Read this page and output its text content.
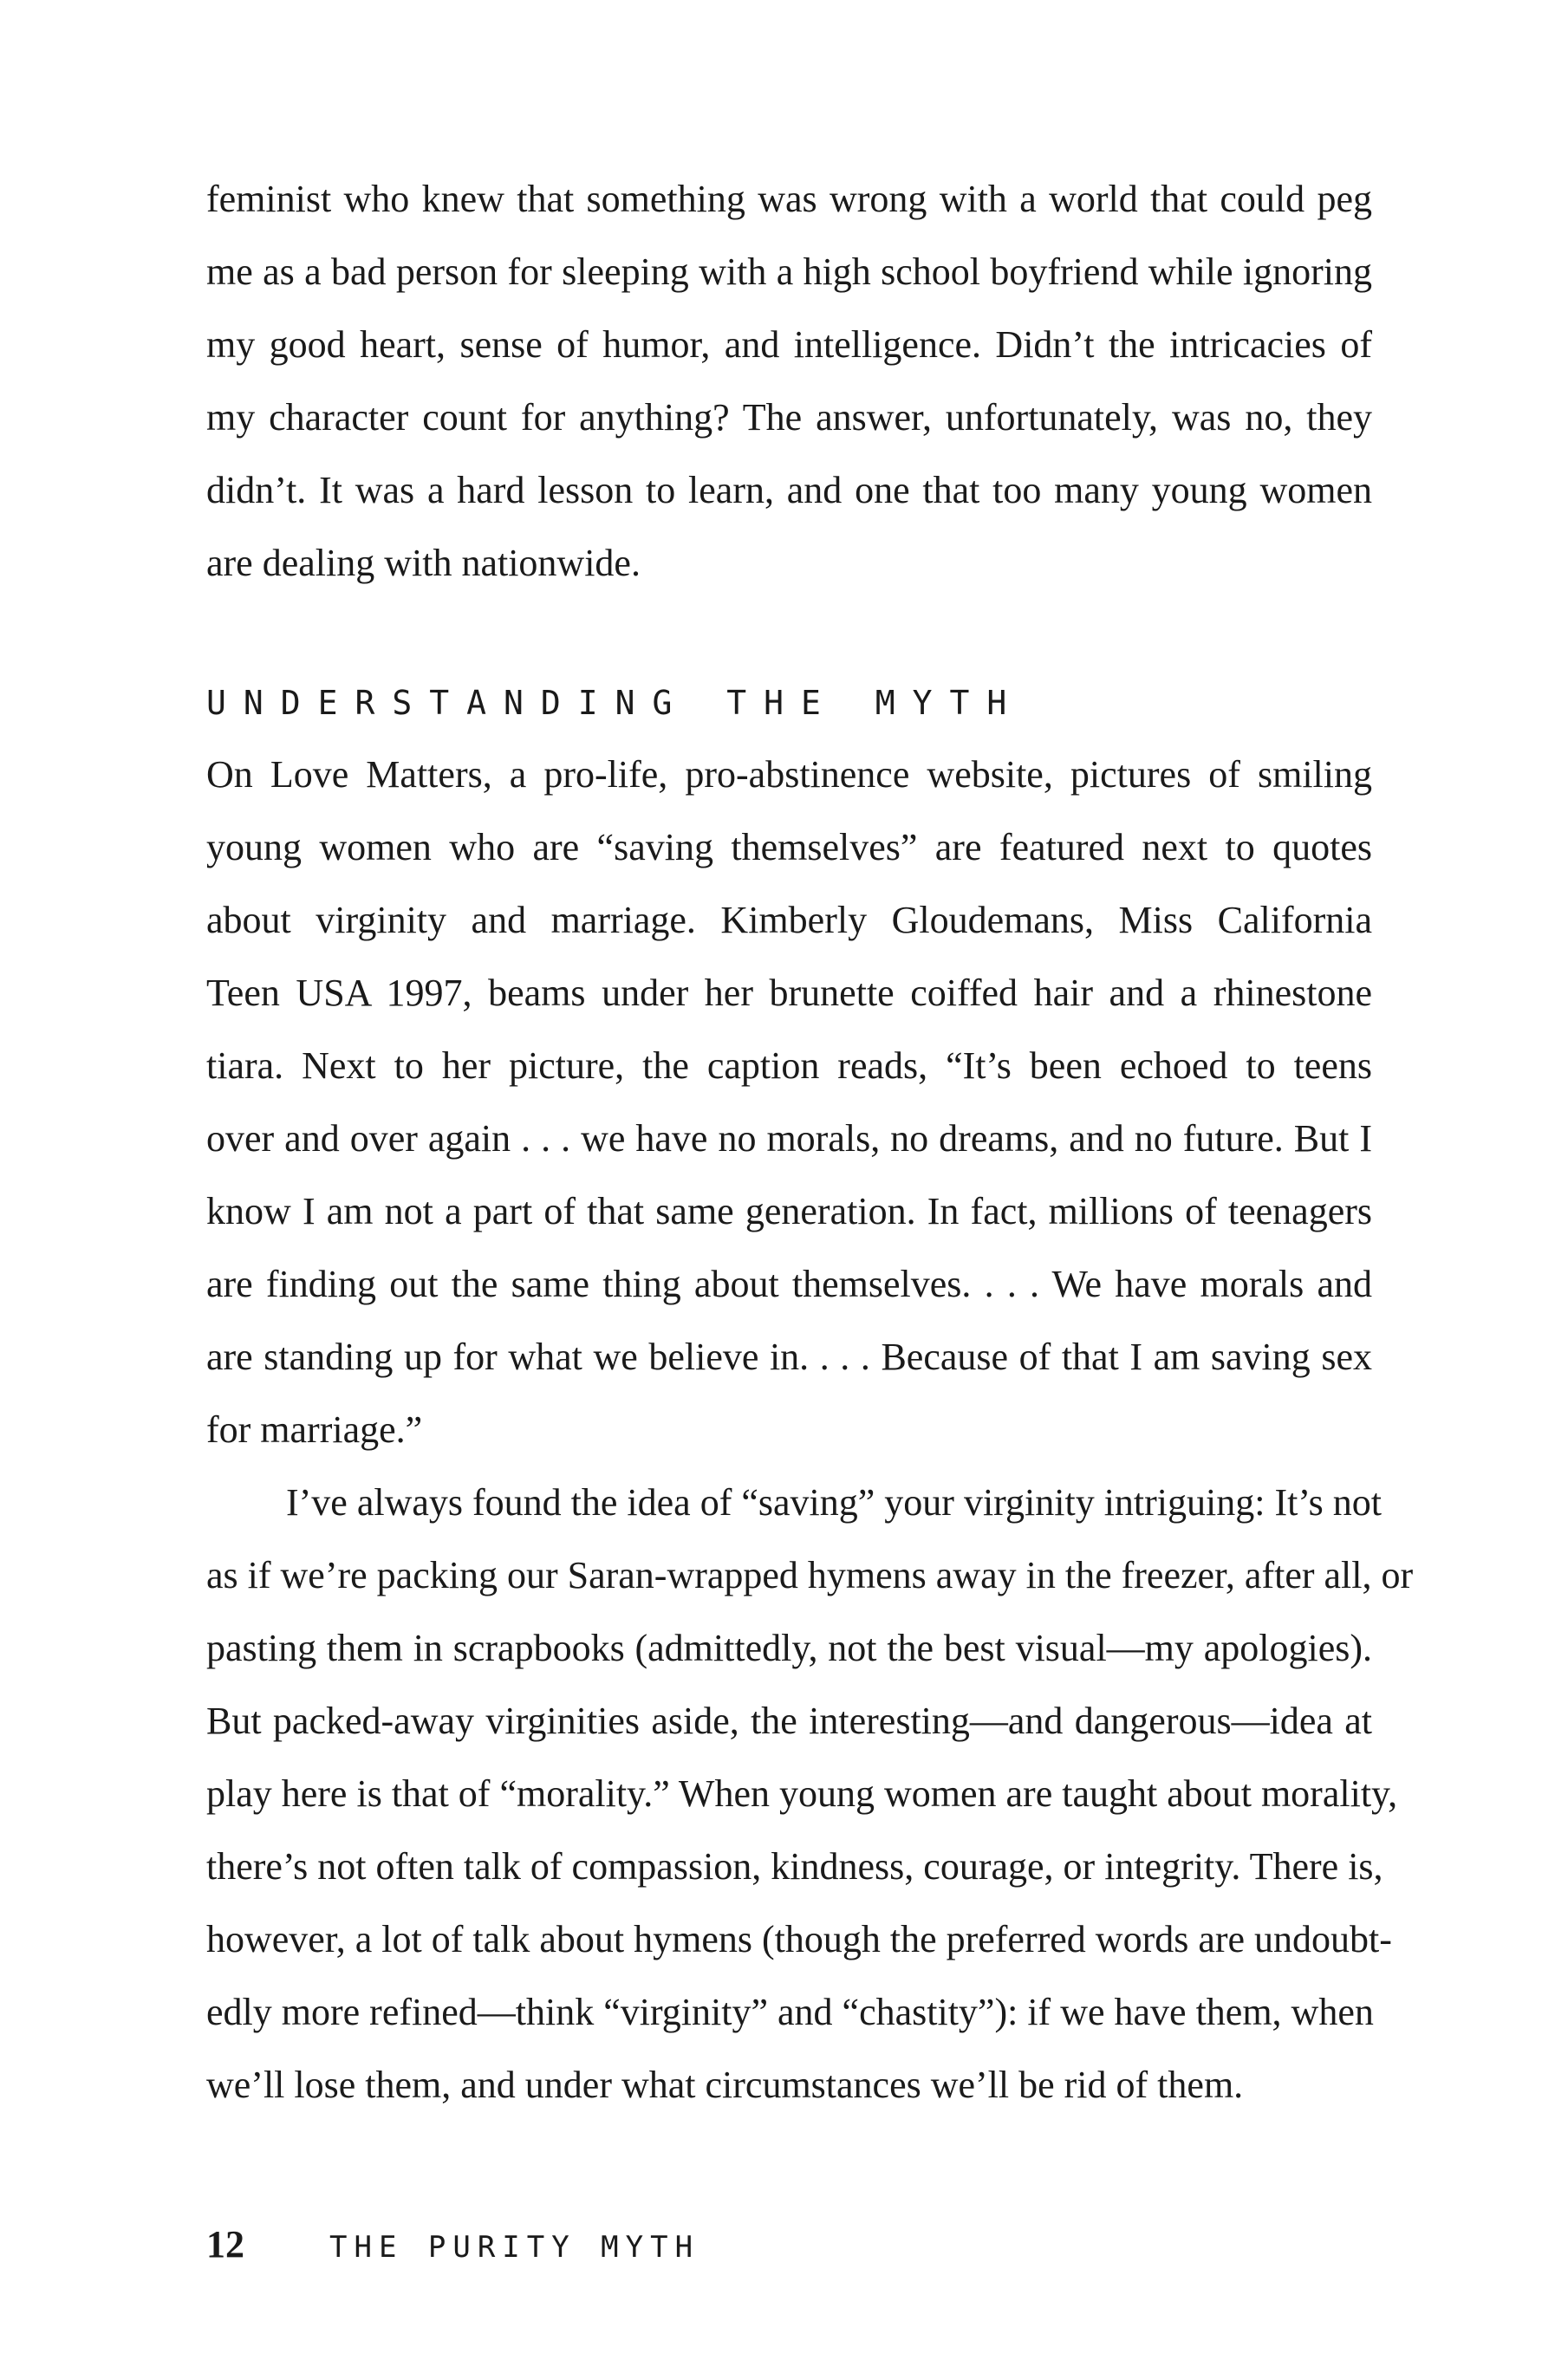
feminist who knew that something was wrong with a world that could peg
me as a bad person for sleeping with a high school boyfriend while ignoring
my good heart, sense of humor, and intelligence. Didn’t the intricacies of
my character count for anything? The answer, unfortunately, was no, they
didn’t. It was a hard lesson to learn, and one that too many young women
are dealing with nationwide.
UNDERSTANDING THE MYTH
On Love Matters, a pro-life, pro-abstinence website, pictures of smiling
young women who are “saving themselves” are featured next to quotes
about virginity and marriage. Kimberly Gloudemans, Miss California
Teen USA 1997, beams under her brunette coiffed hair and a rhinestone
tiara. Next to her picture, the caption reads, “It’s been echoed to teens
over and over again . . . we have no morals, no dreams, and no future. But I
know I am not a part of that same generation. In fact, millions of teenagers
are finding out the same thing about themselves. . . . We have morals and
are standing up for what we believe in. . . . Because of that I am saving sex
for marriage.”
I’ve always found the idea of “saving” your virginity intriguing: It’s not
as if we’re packing our Saran-wrapped hymens away in the freezer, after all, or
pasting them in scrapbooks (admittedly, not the best visual—my apologies).
But packed-away virginities aside, the interesting—and dangerous—idea at
play here is that of “morality.” When young women are taught about morality,
there’s not often talk of compassion, kindness, courage, or integrity. There is,
however, a lot of talk about hymens (though the preferred words are undoubt-
edly more refined—think “virginity” and “chastity”): if we have them, when
we’ll lose them, and under what circumstances we’ll be rid of them.
12	THE PURITY MYTH
